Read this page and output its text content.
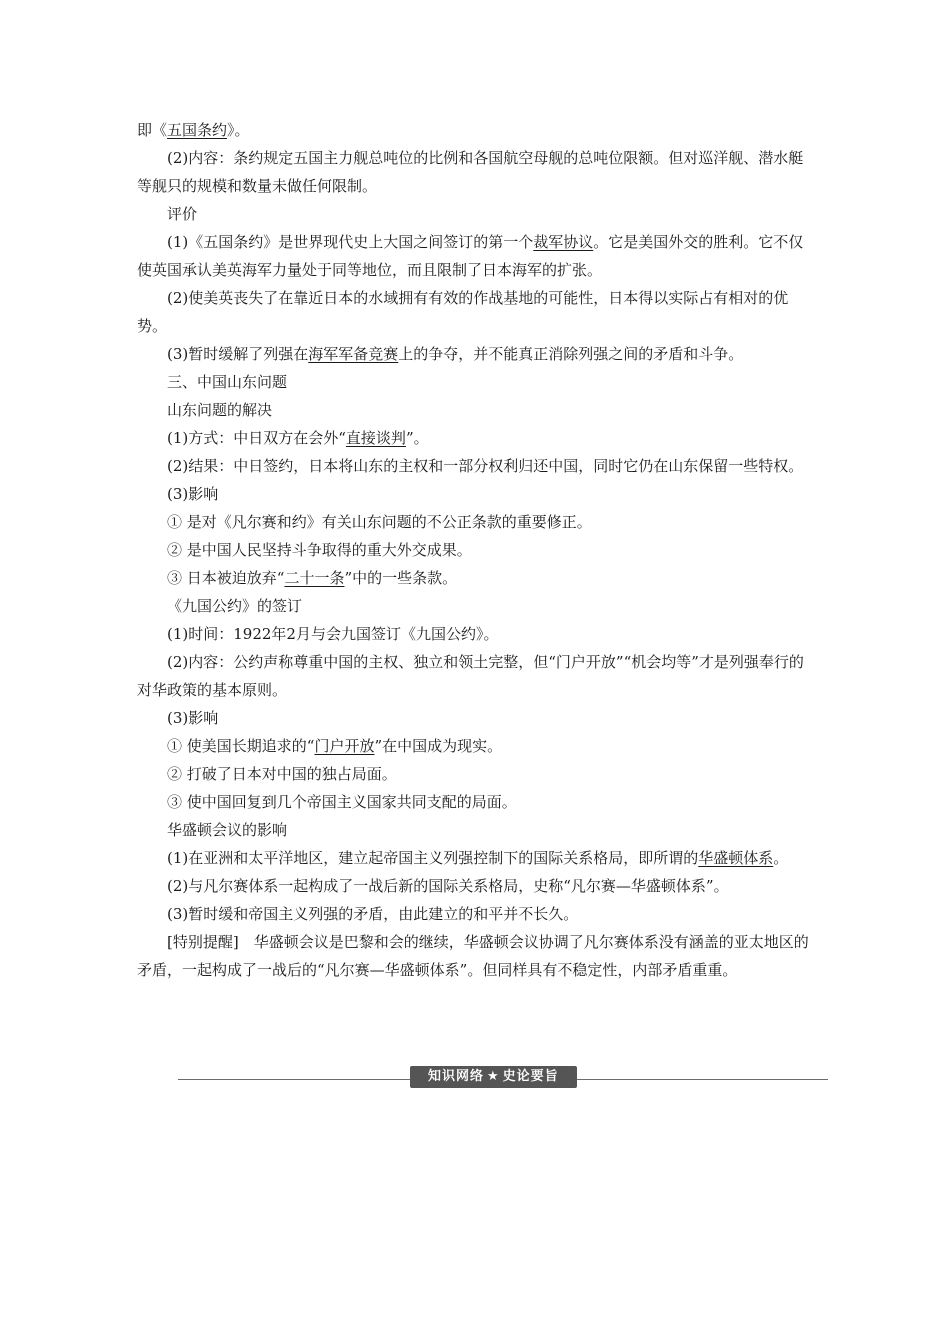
即《五国条约》。

(2)内容：条约规定五国主力舰总吨位的比例和各国航空母舰的总吨位限额。但对巡洋舰、潜水艇等舰只的规模和数量未做任何限制。

评价

(1)《五国条约》是世界现代史上大国之间签订的第一个裁军协议。它是美国外交的胜利。它不仅使英国承认美英海军力量处于同等地位，而且限制了日本海军的扩张。

(2)使美英丧失了在靠近日本的水域拥有有效的作战基地的可能性，日本得以实际占有相对的优势。

(3)暂时缓解了列强在海军军备竞赛上的争夺，并不能真正消除列强之间的矛盾和斗争。

三、中国山东问题

山东问题的解决

(1)方式：中日双方在会外“直接谈判”。

(2)结果：中日签约，日本将山东的主权和一部分权利归还中国，同时它仍在山东保留一些特权。

(3)影响

① 是对《凡尔赛和约》有关山东问题的不公正条款的重要修正。

② 是中国人民坚持斗争取得的重大外交成果。

③ 日本被迫放弃“二十一条”中的一些条款。

《九国公约》的签订

(1)时间：1922年2月与会九国签订《九国公约》。

(2)内容：公约声称尊重中国的主权、独立和领土完整，但“门户开放”“机会均等”才是列强奉行的对华政策的基本原则。

(3)影响

① 使美国长期追求的“门户开放”在中国成为现实。

② 打破了日本对中国的独占局面。

③ 使中国回复到几个帝国主义国家共同支配的局面。

华盛顿会议的影响

(1)在亚洲和太平洋地区，建立起帝国主义列强控制下的国际关系格局，即所谓的华盛顿体系。

(2)与凡尔赛体系一起构成了一战后新的国际关系格局，史称“凡尔赛—华盛顿体系”。

(3)暂时缓和帝国主义列强的矛盾，由此建立的和平并不长久。

[特别提醒]　华盛顿会议是巴黎和会的继续，华盛顿会议协调了凡尔赛体系没有涵盖的亚太地区的矛盾，一起构成了一战后的“凡尔赛—华盛顿体系”。但同样具有不稳定性，内部矛盾重重。

知识网络 ★ 史论要旨
